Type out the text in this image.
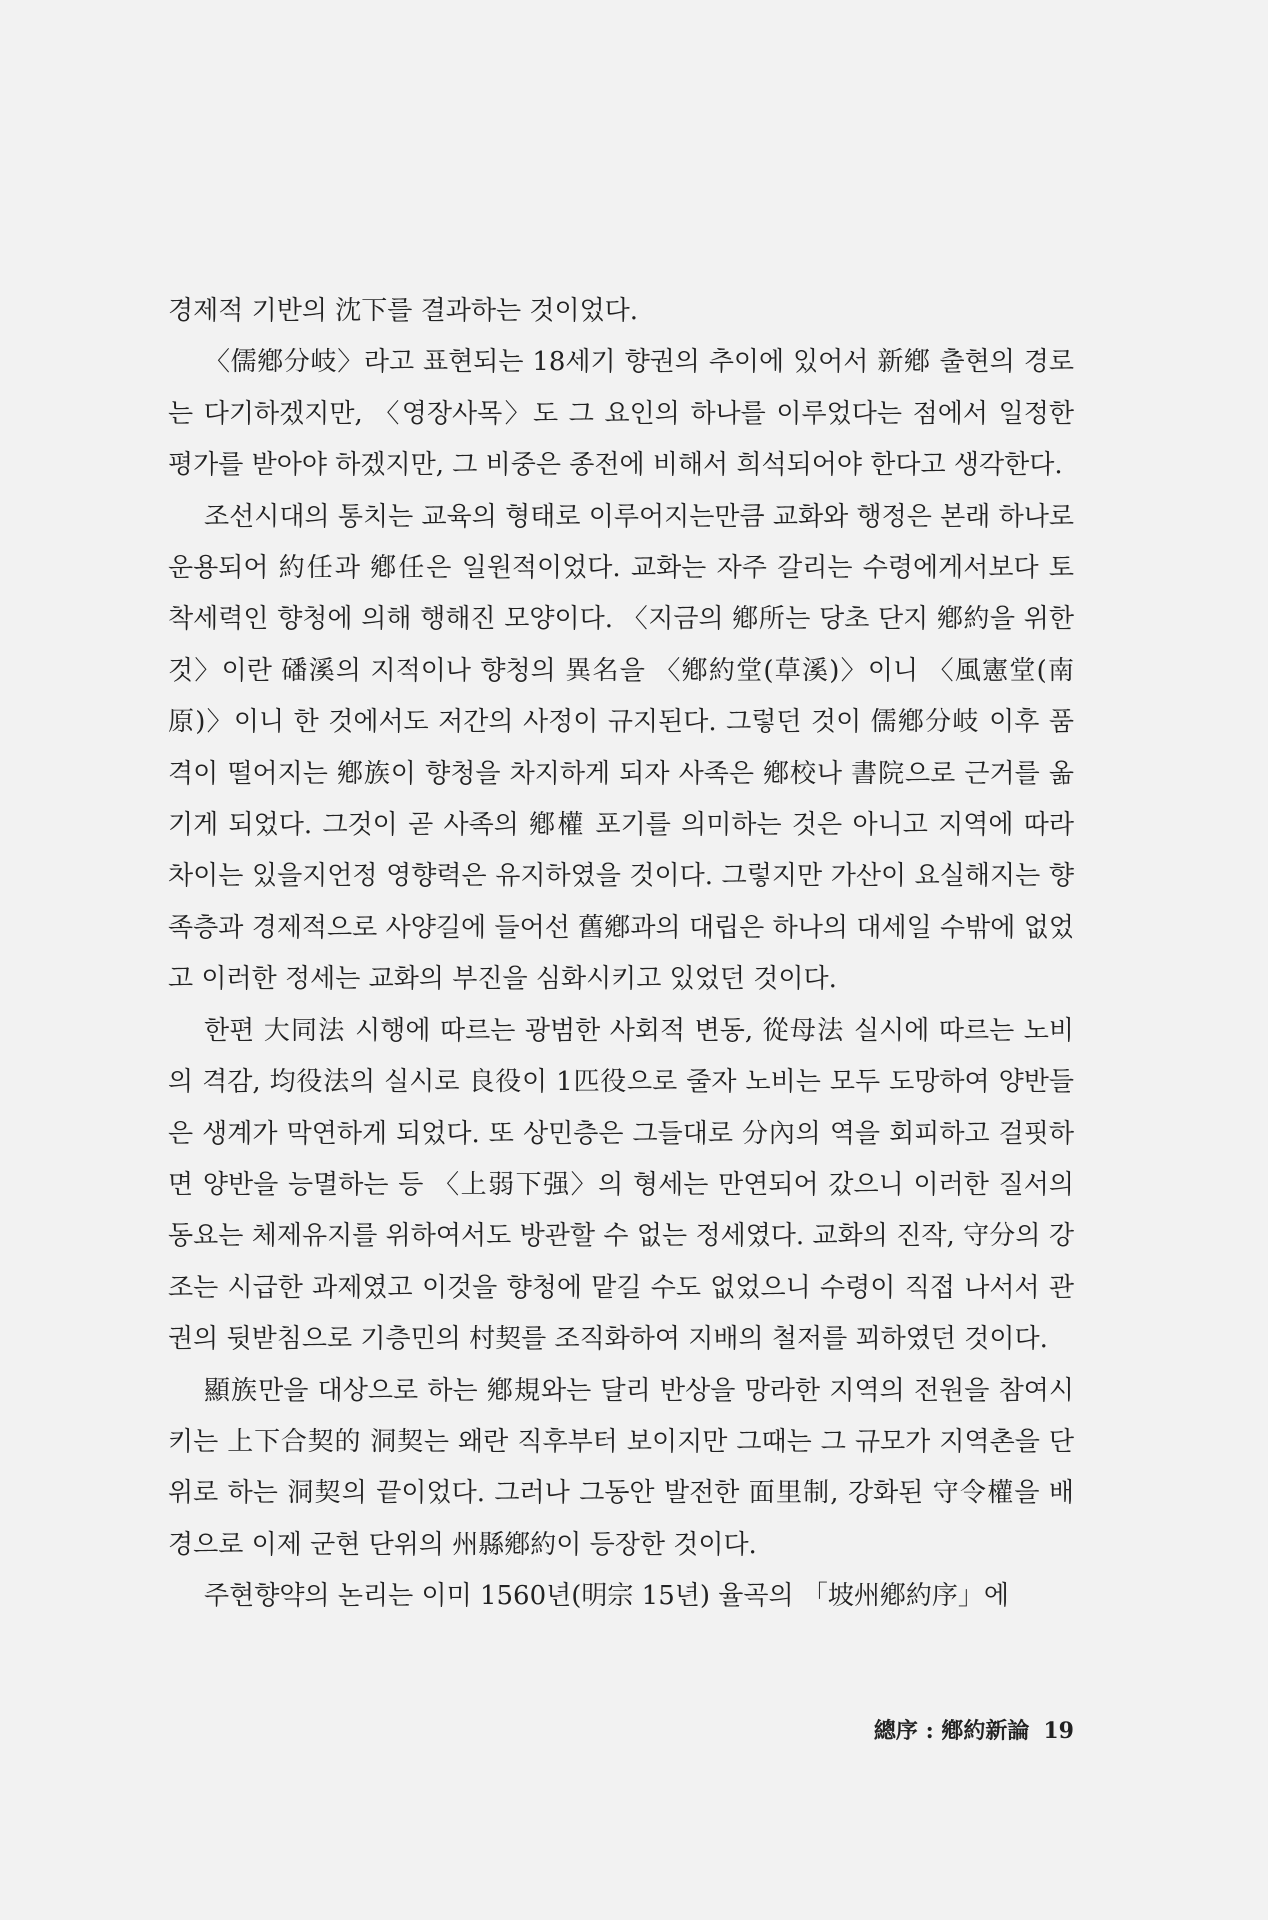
경제적 기반의 沈下를 결과하는 것이었다.

〈儒鄕分岐〉라고 표현되는 18세기 향권의 추이에 있어서 新鄕 출현의 경로는 다기하겠지만, 〈영장사목〉도 그 요인의 하나를 이루었다는 점에서 일정한 평가를 받아야 하겠지만, 그 비중은 종전에 비해서 희석되어야 한다고 생각한다.

조선시대의 통치는 교육의 형태로 이루어지는만큼 교화와 행정은 본래 하나로 운용되어 約任과 鄕任은 일원적이었다. 교화는 자주 갈리는 수령에게서보다 토착세력인 향청에 의해 행해진 모양이다. 〈지금의 鄕所는 당초 단지 鄕約을 위한 것〉이란 磻溪의 지적이나 향청의 異名을 〈鄕約堂(草溪)〉이니 〈風憲堂(南原)〉이니 한 것에서도 저간의 사정이 규지된다. 그렇던 것이 儒鄕分岐 이후 품격이 떨어지는 鄕族이 향청을 차지하게 되자 사족은 鄕校나 書院으로 근거를 옮기게 되었다. 그것이 곧 사족의 鄕權 포기를 의미하는 것은 아니고 지역에 따라 차이는 있을지언정 영향력은 유지하였을 것이다. 그렇지만 가산이 요실해지는 향족층과 경제적으로 사양길에 들어선 舊鄕과의 대립은 하나의 대세일 수밖에 없었고 이러한 정세는 교화의 부진을 심화시키고 있었던 것이다.

한편 大同法 시행에 따르는 광범한 사회적 변동, 從母法 실시에 따르는 노비의 격감, 均役法의 실시로 良役이 1匹役으로 줄자 노비는 모두 도망하여 양반들은 생계가 막연하게 되었다. 또 상민층은 그들대로 分內의 역을 회피하고 걸핏하면 양반을 능멸하는 등 〈上弱下强〉의 형세는 만연되어 갔으니 이러한 질서의 동요는 체제유지를 위하여서도 방관할 수 없는 정세였다. 교화의 진작, 守分의 강조는 시급한 과제였고 이것을 향청에 맡길 수도 없었으니 수령이 직접 나서서 관권의 뒷받침으로 기층민의 村契를 조직화하여 지배의 철저를 꾀하였던 것이다.

顯族만을 대상으로 하는 鄕規와는 달리 반상을 망라한 지역의 전원을 참여시키는 上下合契的 洞契는 왜란 직후부터 보이지만 그때는 그 규모가 지역촌을 단위로 하는 洞契의 끝이었다. 그러나 그동안 발전한 面里制, 강화된 守令權을 배경으로 이제 군현 단위의 州縣鄕約이 등장한 것이다.

주현향약의 논리는 이미 1560년(明宗 15년) 율곡의 「坡州鄕約序」에

總序 : 鄕約新論 19
